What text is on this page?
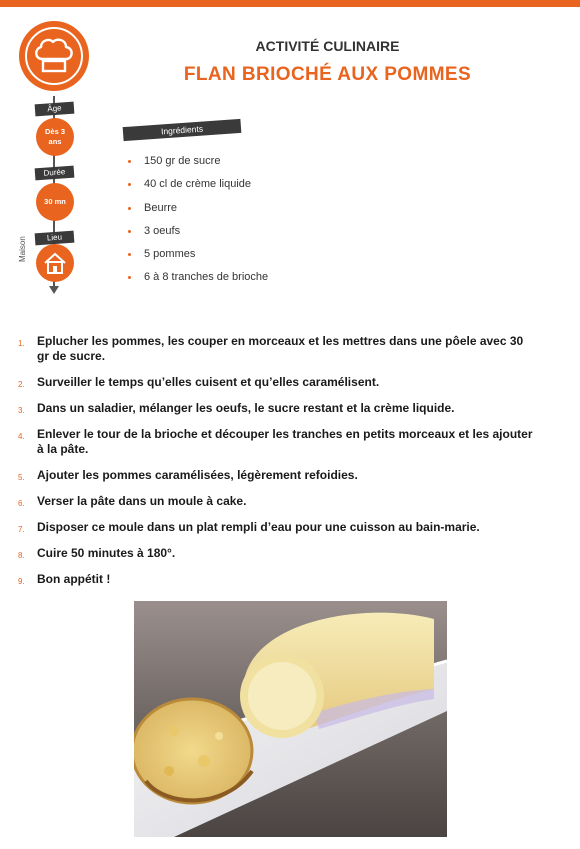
Âge
Dès 3 ans
Durée
30 mn
Lieu
Maison
ACTIVITÉ CULINAIRE
FLAN BRIOCHÉ AUX POMMES
Ingrédients
150 gr de sucre
40 cl de crème liquide
Beurre
3 oeufs
5 pommes
6 à 8 tranches de brioche
1. Eplucher les pommes, les couper en morceaux et les mettres dans une pôele avec 30 gr de sucre.
2. Surveiller le temps qu’elles cuisent et qu’elles caramélisent.
3. Dans un saladier, mélanger les oeufs, le sucre restant et la crème liquide.
4. Enlever le tour de la brioche et découper les tranches en petits morceaux et les ajouter à la pâte.
5. Ajouter les pommes caramélisées, légèrement refoidies.
6. Verser la pâte dans un moule à cake.
7. Disposer ce moule dans un plat rempli d’eau pour une cuisson au bain-marie.
8. Cuire 50 minutes à 180°.
9. Bon appétit !
